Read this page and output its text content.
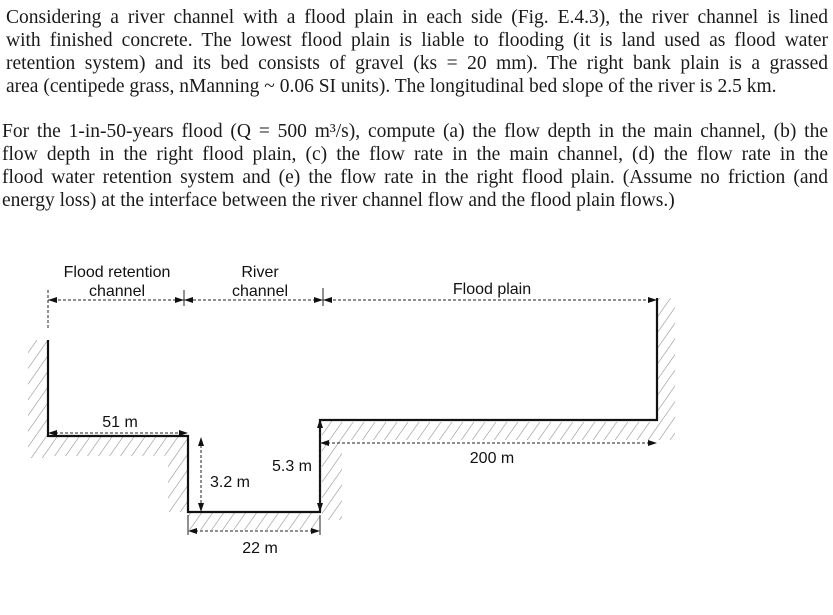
Considering a river channel with a flood plain in each side (Fig. E.4.3), the river channel is lined
with finished concrete. The lowest flood plain is liable to flooding (it is land used as flood water
retention system) and its bed consists of gravel (ks = 20 mm). The right bank plain is a grassed
area (centipede grass, nManning ~ 0.06 SI units). The longitudinal bed slope of the river is 2.5 km.
For the 1-in-50-years flood (Q = 500 m³/s), compute (a) the flow depth in the main channel, (b) the
flow depth in the right flood plain, (c) the flow rate in the main channel, (d) the flow rate in the
flood water retention system and (e) the flow rate in the right flood plain. (Assume no friction (and
energy loss) at the interface between the river channel flow and the flood plain flows.)
Flood retention
channel
River
channel	Flood plain
51 m
3.2 m
5.3 m
22 m
200 m
